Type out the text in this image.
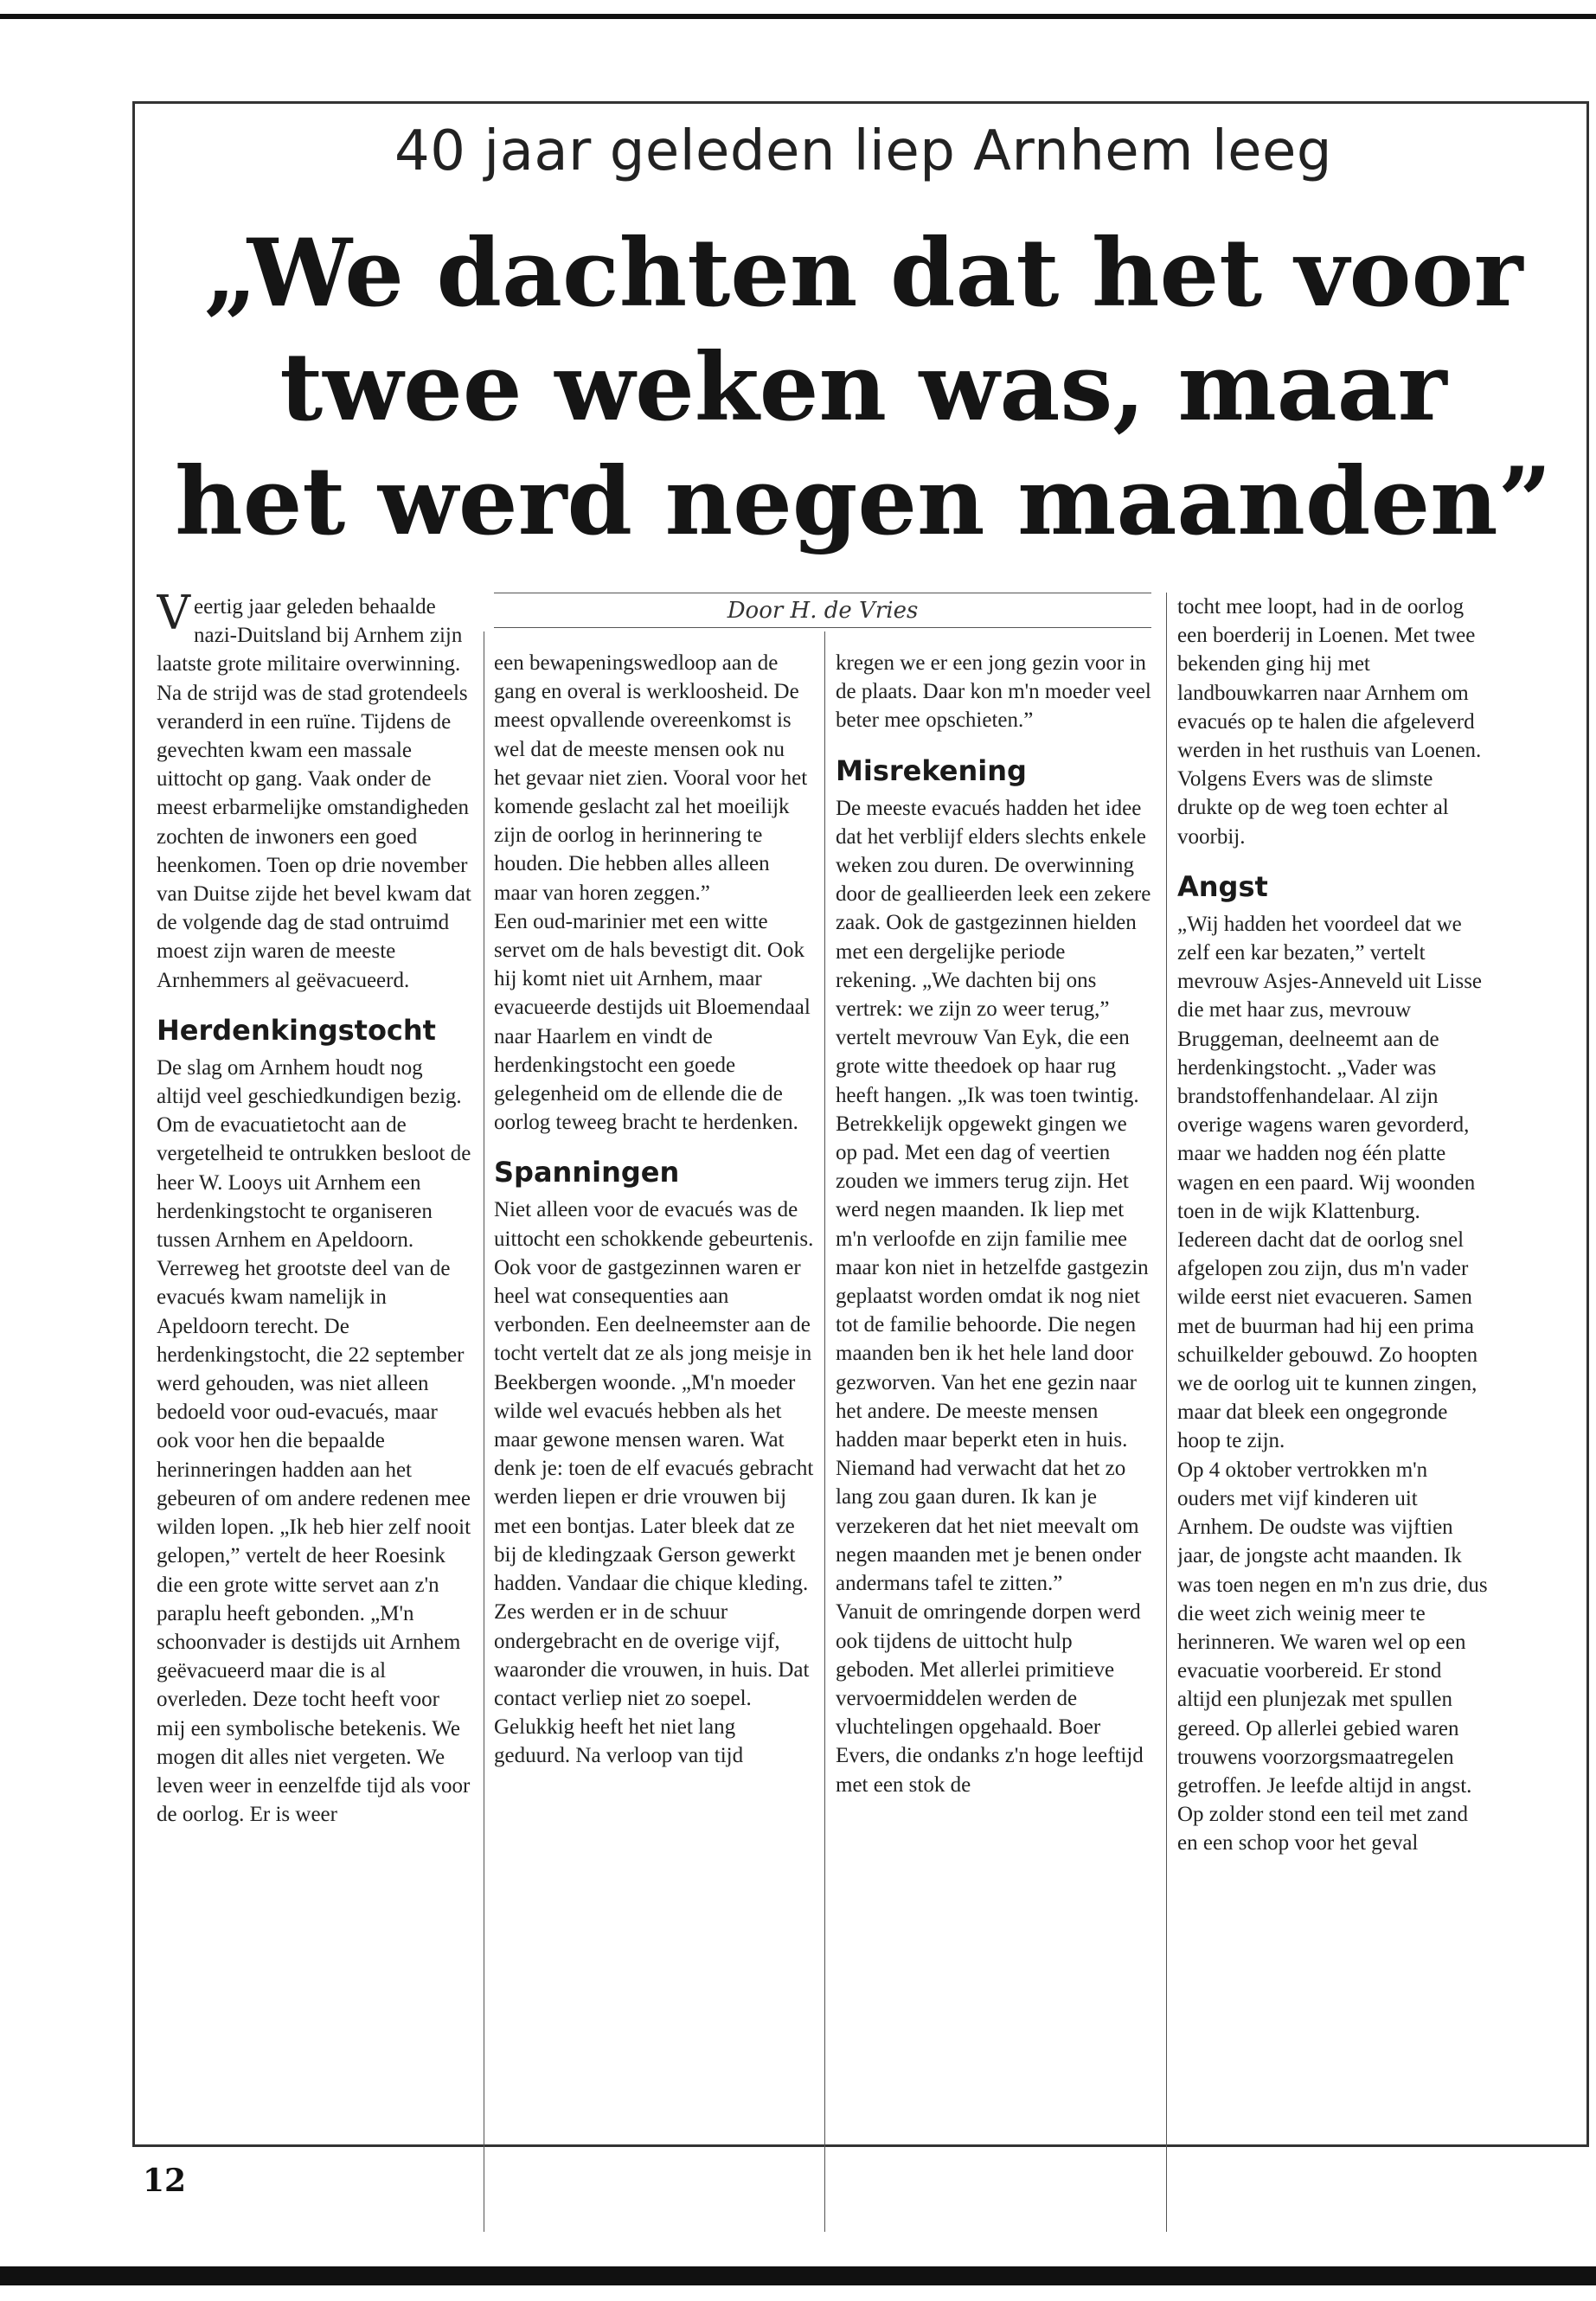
40 jaar geleden liep Arnhem leeg
„We dachten dat het voor
twee weken was, maar
het werd negen maanden”
Door H. de Vries

Veertig jaar geleden behaalde nazi-Duitsland bij Arnhem zijn laatste grote militaire overwinning. Na de strijd was de stad grotendeels veranderd in een ruïne. Tijdens de gevechten kwam een massale uittocht op gang. Vaak onder de meest erbarmelijke omstandigheden zochten de inwoners een goed heenkomen. Toen op drie november van Duitse zijde het bevel kwam dat de volgende dag de stad ontruimd moest zijn waren de meeste Arnhemmers al geëvacueerd.

Herdenkingstocht

De slag om Arnhem houdt nog altijd veel geschiedkundigen bezig. Om de evacuatietocht aan de vergetelheid te ontrukken besloot de heer W. Looys uit Arnhem een herdenkingstocht te organiseren tussen Arnhem en Apeldoorn. Verreweg het grootste deel van de evacués kwam namelijk in Apeldoorn terecht. De herdenkingstocht, die 22 september werd gehouden, was niet alleen bedoeld voor oud-evacués, maar ook voor hen die bepaalde herinneringen hadden aan het gebeuren of om andere redenen mee wilden lopen. „Ik heb hier zelf nooit gelopen,” vertelt de heer Roesink die een grote witte servet aan z'n paraplu heeft gebonden. „M'n schoonvader is destijds uit Arnhem geëvacueerd maar die is al overleden. Deze tocht heeft voor mij een symbolische betekenis. We mogen dit alles niet vergeten. We leven weer in eenzelfde tijd als voor de oorlog. Er is weer

een bewapeningswedloop aan de gang en overal is werkloosheid. De meest opvallende overeenkomst is wel dat de meeste mensen ook nu het gevaar niet zien. Vooral voor het komende geslacht zal het moeilijk zijn de oorlog in herinnering te houden. Die hebben alles alleen maar van horen zeggen.”

Een oud-marinier met een witte servet om de hals bevestigt dit. Ook hij komt niet uit Arnhem, maar evacueerde destijds uit Bloemendaal naar Haarlem en vindt de herdenkingstocht een goede gelegenheid om de ellende die de oorlog teweeg bracht te herdenken.

Spanningen

Niet alleen voor de evacués was de uittocht een schokkende gebeurtenis. Ook voor de gastgezinnen waren er heel wat consequenties aan verbonden. Een deelneemster aan de tocht vertelt dat ze als jong meisje in Beekbergen woonde. „M'n moeder wilde wel evacués hebben als het maar gewone mensen waren. Wat denk je: toen de elf evacués gebracht werden liepen er drie vrouwen bij met een bontjas. Later bleek dat ze bij de kledingzaak Gerson gewerkt hadden. Vandaar die chique kleding. Zes werden er in de schuur ondergebracht en de overige vijf, waaronder die vrouwen, in huis. Dat contact verliep niet zo soepel. Gelukkig heeft het niet lang geduurd. Na verloop van tijd

kregen we er een jong gezin voor in de plaats. Daar kon m'n moeder veel beter mee opschieten.”

Misrekening

De meeste evacués hadden het idee dat het verblijf elders slechts enkele weken zou duren. De overwinning door de geallieerden leek een zekere zaak. Ook de gastgezinnen hielden met een dergelijke periode rekening. „We dachten bij ons vertrek: we zijn zo weer terug,” vertelt mevrouw Van Eyk, die een grote witte theedoek op haar rug heeft hangen. „Ik was toen twintig. Betrekkelijk opgewekt gingen we op pad. Met een dag of veertien zouden we immers terug zijn. Het werd negen maanden. Ik liep met m'n verloofde en zijn familie mee maar kon niet in hetzelfde gastgezin geplaatst worden omdat ik nog niet tot de familie behoorde. Die negen maanden ben ik het hele land door gezworven. Van het ene gezin naar het andere. De meeste mensen hadden maar beperkt eten in huis. Niemand had verwacht dat het zo lang zou gaan duren. Ik kan je verzekeren dat het niet meevalt om negen maanden met je benen onder andermans tafel te zitten.”

Vanuit de omringende dorpen werd ook tijdens de uittocht hulp geboden. Met allerlei primitieve vervoermiddelen werden de vluchtelingen opgehaald. Boer Evers, die ondanks z'n hoge leeftijd met een stok de

tocht mee loopt, had in de oorlog een boerderij in Loenen. Met twee bekenden ging hij met landbouwkarren naar Arnhem om evacués op te halen die afgeleverd werden in het rusthuis van Loenen. Volgens Evers was de slimste drukte op de weg toen echter al voorbij.

Angst

„Wij hadden het voordeel dat we zelf een kar bezaten,” vertelt mevrouw Asjes-Anneveld uit Lisse die met haar zus, mevrouw Bruggeman, deelneemt aan de herdenkingstocht. „Vader was brandstoffenhandelaar. Al zijn overige wagens waren gevorderd, maar we hadden nog één platte wagen en een paard. Wij woonden toen in de wijk Klattenburg. Iedereen dacht dat de oorlog snel afgelopen zou zijn, dus m'n vader wilde eerst niet evacueren. Samen met de buurman had hij een prima schuilkelder gebouwd. Zo hoopten we de oorlog uit te kunnen zingen, maar dat bleek een ongegronde hoop te zijn.

Op 4 oktober vertrokken m'n ouders met vijf kinderen uit Arnhem. De oudste was vijftien jaar, de jongste acht maanden. Ik was toen negen en m'n zus drie, dus die weet zich weinig meer te herinneren. We waren wel op een evacuatie voorbereid. Er stond altijd een plunjezak met spullen gereed. Op allerlei gebied waren trouwens voorzorgsmaatregelen getroffen. Je leefde altijd in angst. Op zolder stond een teil met zand en een schop voor het geval

12
